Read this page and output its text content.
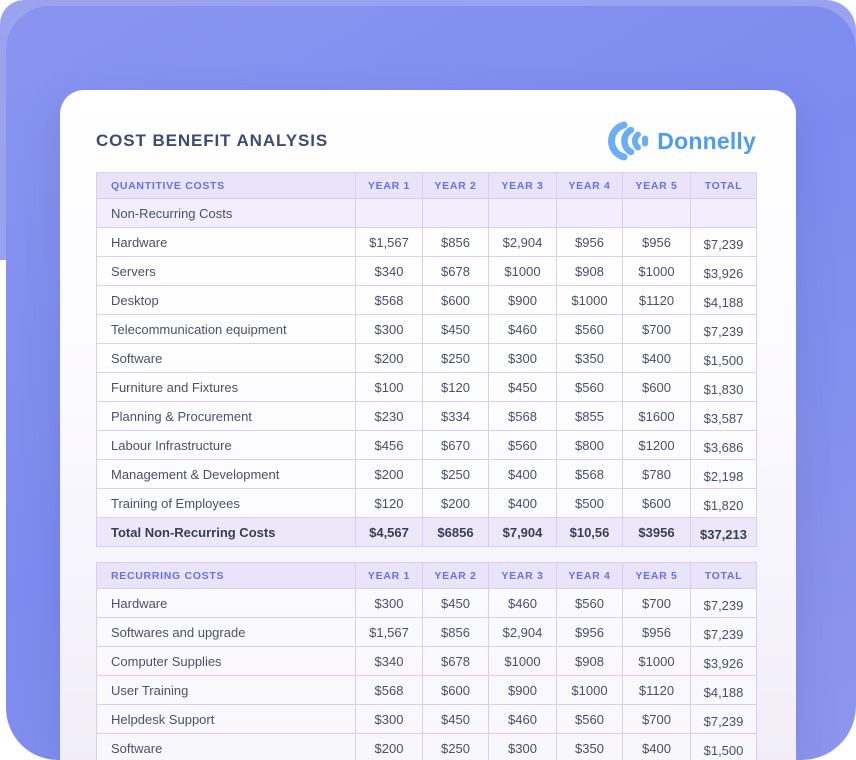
COST BENEFIT ANALYSIS	Donnelly
QUANTITIVE COSTS	YEAR 1	YEAR 2	YEAR 3	YEAR 4	YEAR 5	TOTAL
Non-Recurring Costs						
Hardware	$1,567	$856	$2,904	$956	$956	$7,239
Servers	$340	$678	$1000	$908	$1000	$3,926
Desktop	$568	$600	$900	$1000	$1120	$4,188
Telecommunication equipment	$300	$450	$460	$560	$700	$7,239
Software	$200	$250	$300	$350	$400	$1,500
Furniture and Fixtures	$100	$120	$450	$560	$600	$1,830
Planning & Procurement	$230	$334	$568	$855	$1600	$3,587
Labour Infrastructure	$456	$670	$560	$800	$1200	$3,686
Management & Development	$200	$250	$400	$568	$780	$2,198
Training of Employees	$120	$200	$400	$500	$600	$1,820
Total Non-Recurring Costs	$4,567	$6856	$7,904	$10,56	$3956	$37,213
RECURRING COSTS	YEAR 1	YEAR 2	YEAR 3	YEAR 4	YEAR 5	TOTAL
Hardware	$300	$450	$460	$560	$700	$7,239
Softwares and upgrade	$1,567	$856	$2,904	$956	$956	$7,239
Computer Supplies	$340	$678	$1000	$908	$1000	$3,926
User Training	$568	$600	$900	$1000	$1120	$4,188
Helpdesk Support	$300	$450	$460	$560	$700	$7,239
Software	$200	$250	$300	$350	$400	$1,500
